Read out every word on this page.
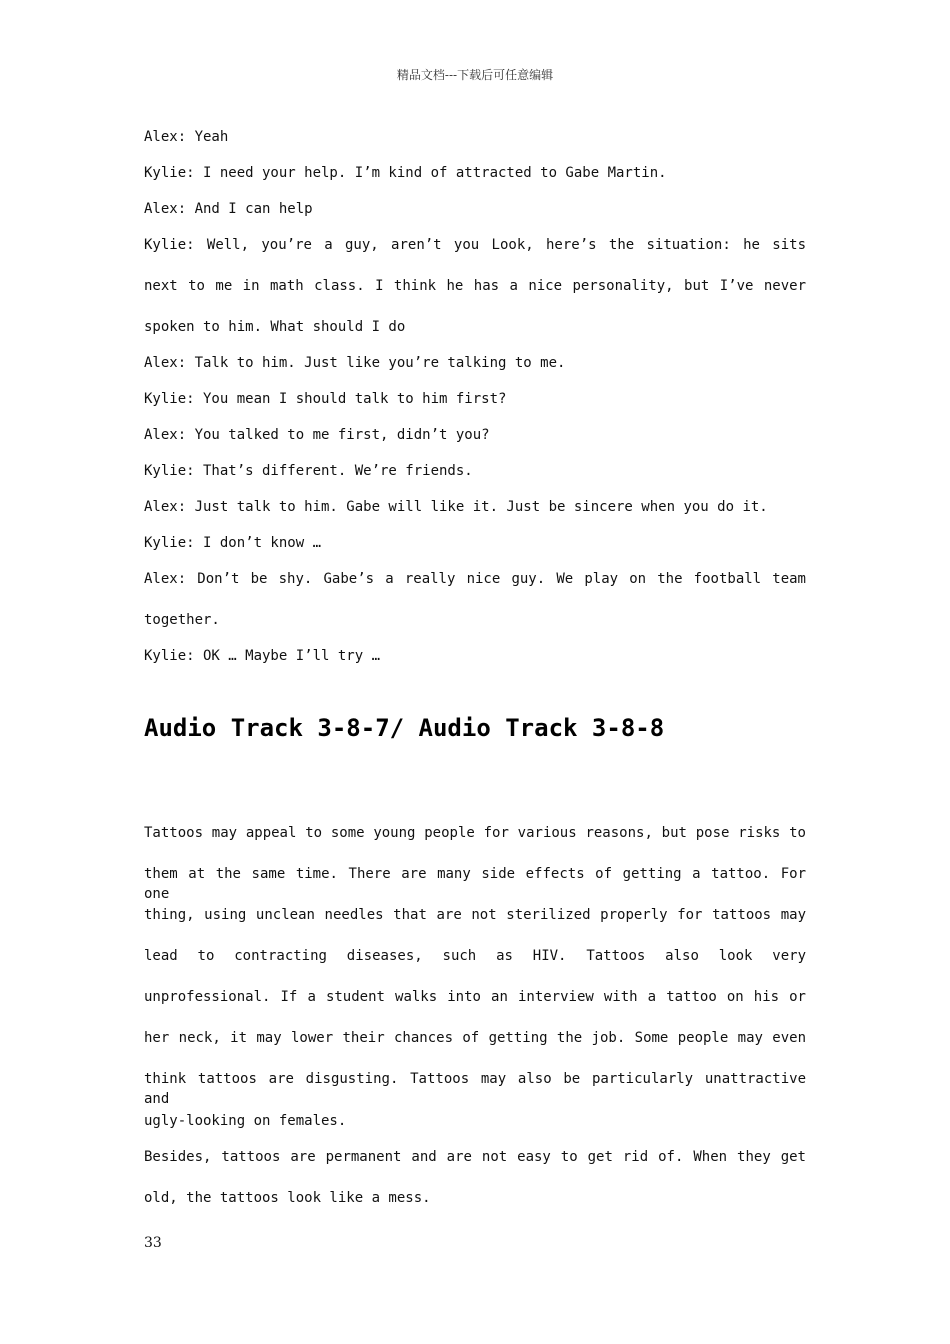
精品文档---下载后可任意编辑
Alex: Yeah
Kylie: I need your help. I’m kind of attracted to Gabe Martin.
Alex: And I can help
Kylie: Well, you’re a guy, aren’t you Look, here’s the situation: he sits
next to me in math class. I think he has a nice personality, but I’ve never
spoken to him. What should I do
Alex: Talk to him. Just like you’re talking to me.
Kylie: You mean I should talk to him first?
Alex: You talked to me first, didn’t you?
Kylie: That’s different. We’re friends.
Alex: Just talk to him. Gabe will like it. Just be sincere when you do it.
Kylie: I don’t know …
Alex: Don’t be shy. Gabe’s a really nice guy. We play on the football team
together.
Kylie: OK … Maybe I’ll try …
Audio Track 3-8-7/ Audio Track 3-8-8
Tattoos may appeal to some young people for various reasons, but pose risks to
them at the same time. There are many side effects of getting a tattoo. For one
thing, using unclean needles that are not sterilized properly for tattoos may
lead to contracting diseases, such as HIV. Tattoos also look very
unprofessional. If a student walks into an interview with a tattoo on his or
her neck, it may lower their chances of getting the job. Some people may even
think tattoos are disgusting. Tattoos may also be particularly unattractive and
ugly-looking on females.
Besides, tattoos are permanent and are not easy to get rid of. When they get
old, the tattoos look like a mess.
33
